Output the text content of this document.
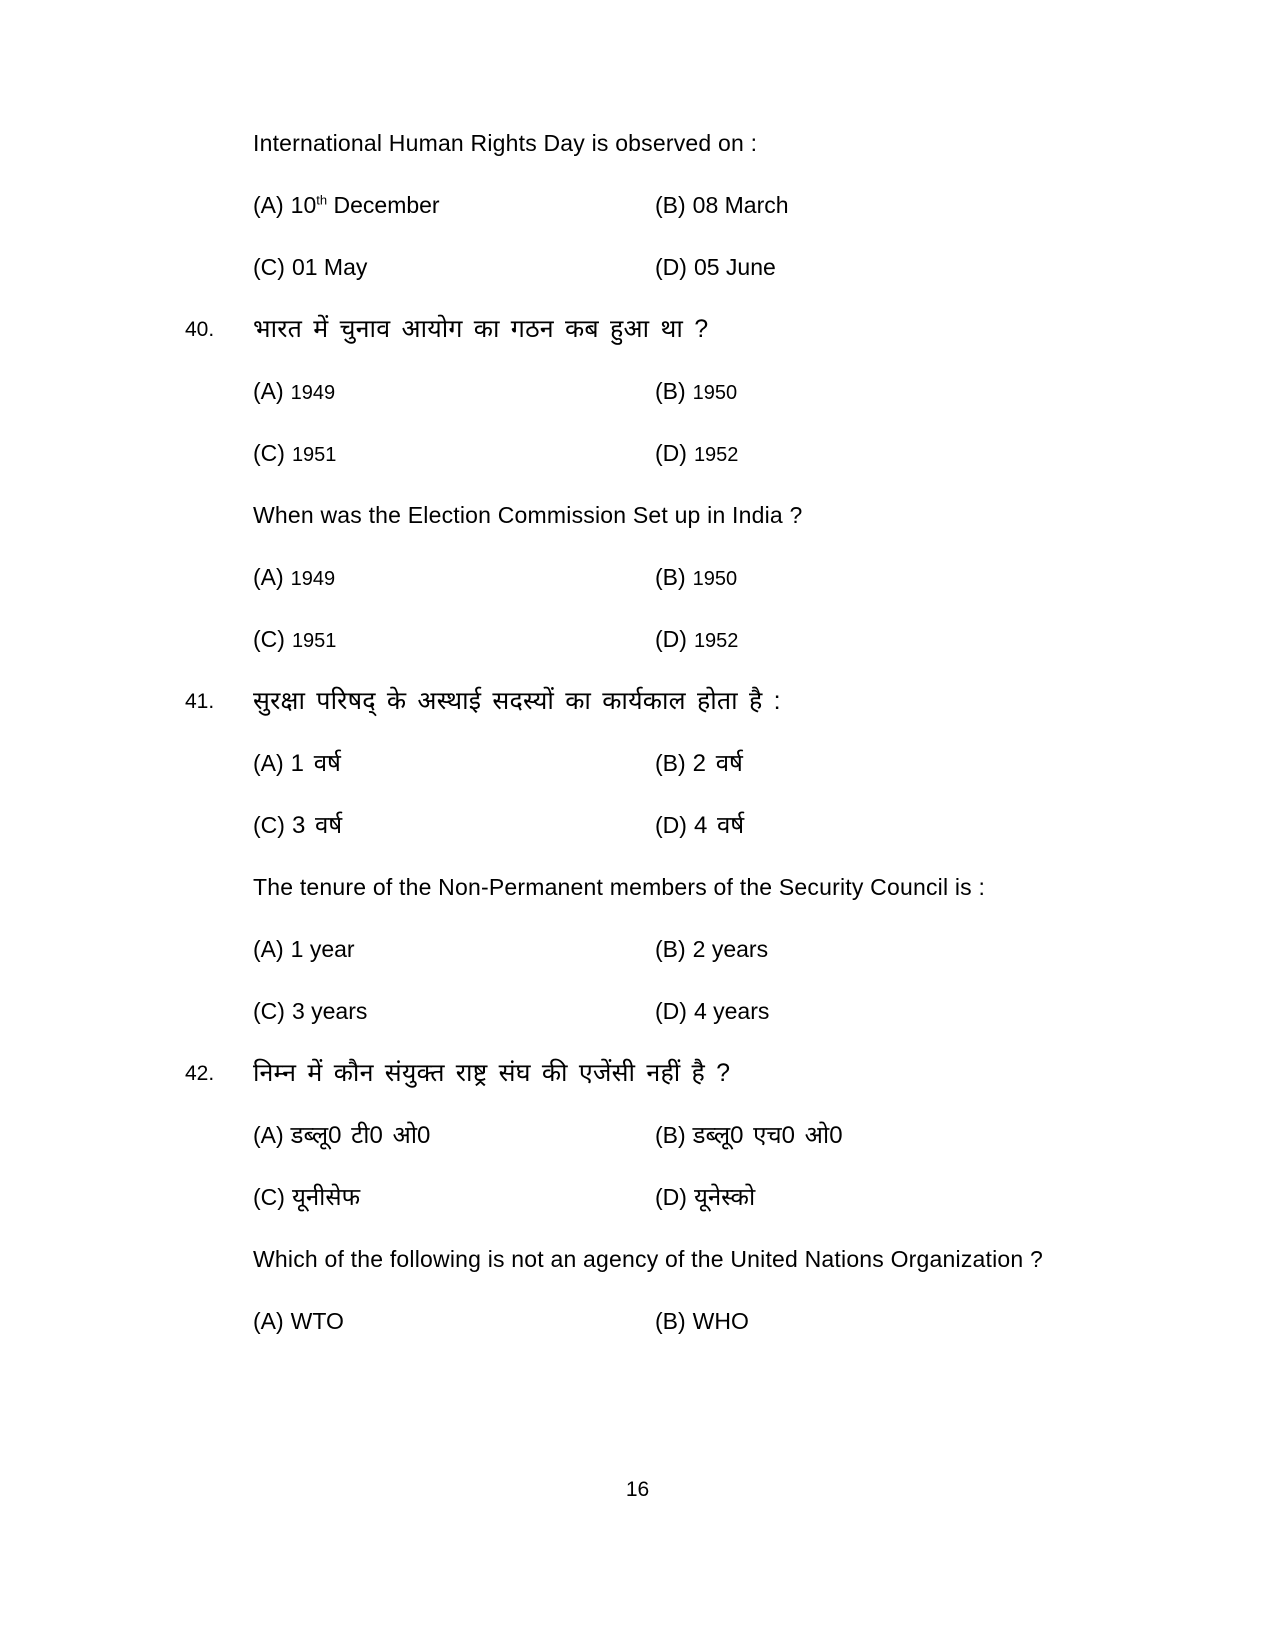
International Human Rights Day is observed on :
(A) 10th December	(B) 08 March
(C) 01 May	(D) 05 June
40. भारत में चुनाव आयोग का गठन कब हुआ था ?
(A) 1949	(B) 1950
(C) 1951	(D) 1952
When was the Election Commission Set up in India ?
(A) 1949	(B) 1950
(C) 1951	(D) 1952
41. सुरक्षा परिषद् के अस्थाई सदस्यों का कार्यकाल होता है :
(A) 1 वर्ष	(B) 2 वर्ष
(C) 3 वर्ष	(D) 4 वर्ष
The tenure of the Non-Permanent members of the Security Council is :
(A) 1 year	(B) 2 years
(C) 3 years	(D) 4 years
42. निम्न में कौन संयुक्त राष्ट्र संघ की एजेंसी नहीं है ?
(A) डब्लू0 टी0 ओ0	(B) डब्लू0 एच0 ओ0
(C) यूनीसेफ	(D) यूनेस्को
Which of the following is not an agency of the United Nations Organization ?
(A) WTO	(B) WHO
16
